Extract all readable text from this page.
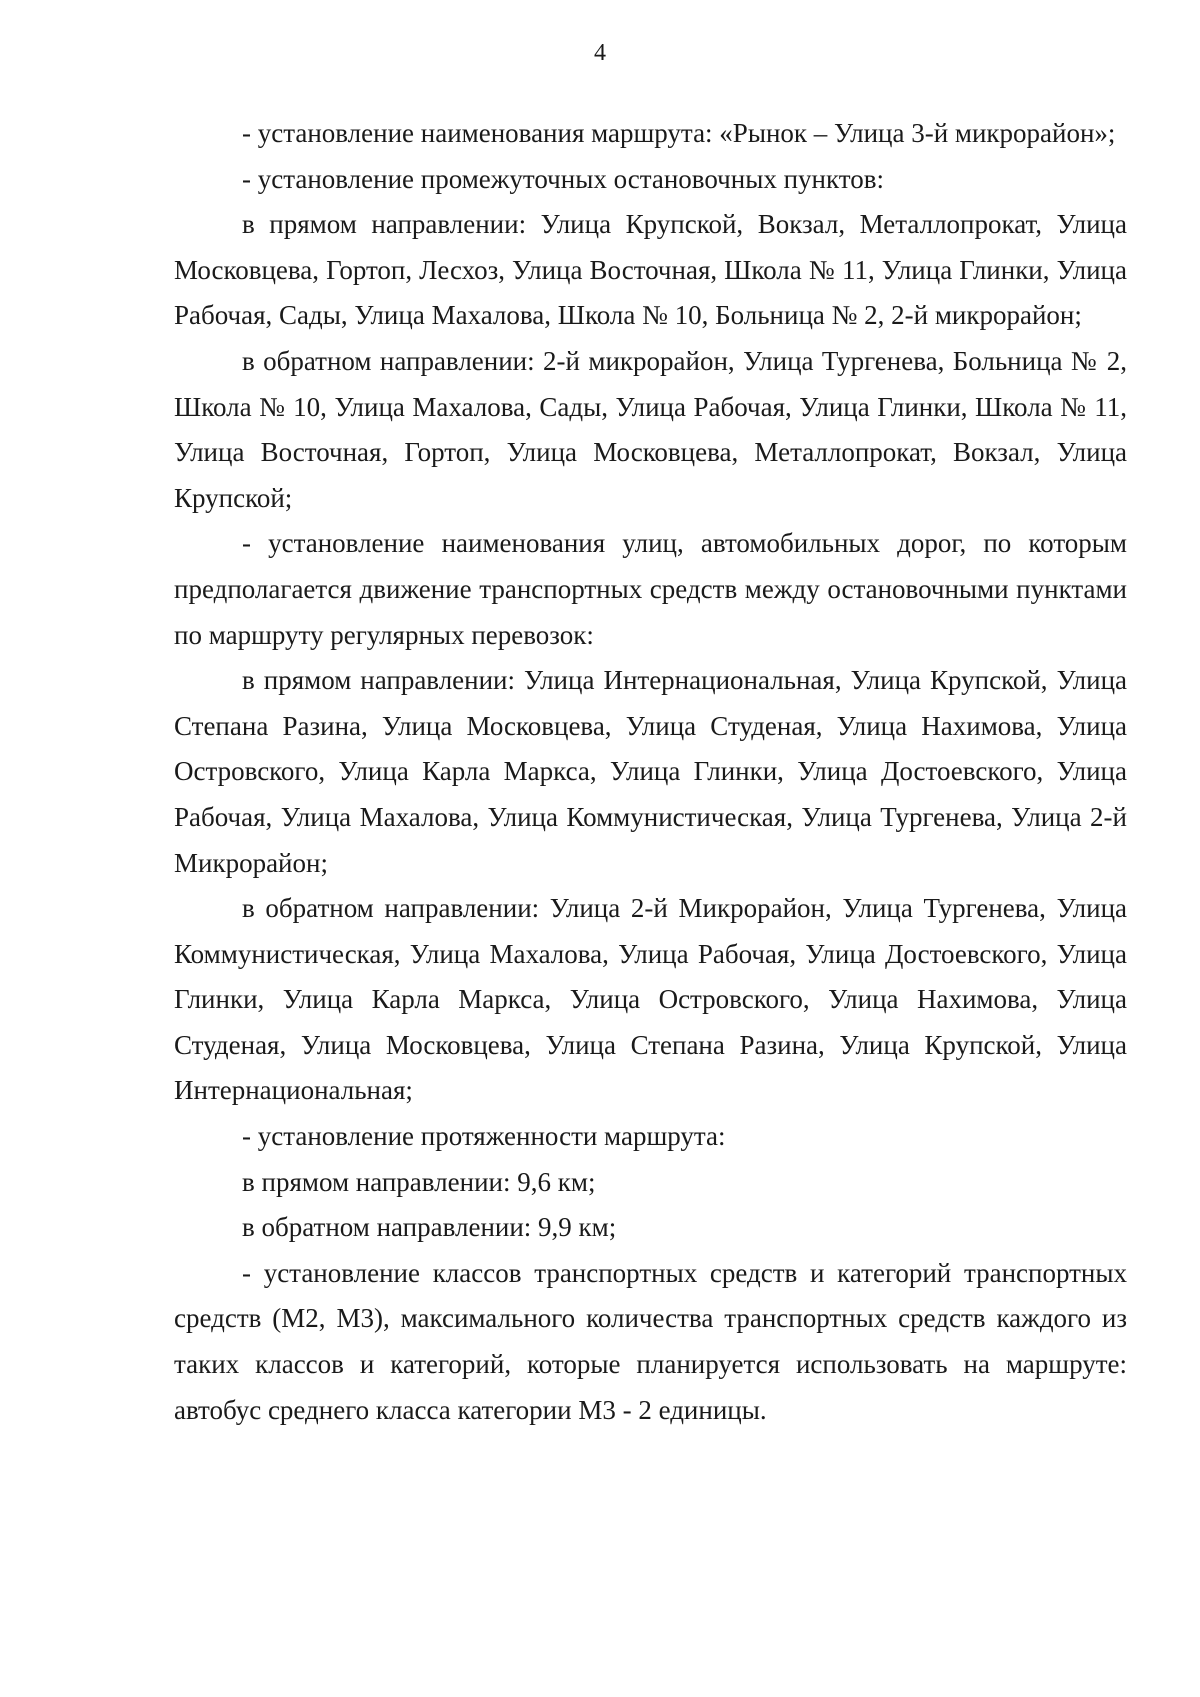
4

- установление наименования маршрута: «Рынок – Улица 3-й микрорайон»;

- установление промежуточных остановочных пунктов:

в прямом направлении: Улица Крупской, Вокзал, Металлопрокат, Улица Московцева, Гортоп, Лесхоз, Улица Восточная, Школа № 11, Улица Глинки, Улица Рабочая, Сады, Улица Махалова, Школа № 10, Больница № 2, 2-й микрорайон;

в обратном направлении: 2-й микрорайон, Улица Тургенева, Больница № 2, Школа № 10, Улица Махалова, Сады, Улица Рабочая, Улица Глинки, Школа № 11, Улица Восточная, Гортоп, Улица Московцева, Металлопрокат, Вокзал, Улица Крупской;

- установление наименования улиц, автомобильных дорог, по которым предполагается движение транспортных средств между остановочными пунктами по маршруту регулярных перевозок:

в прямом направлении: Улица Интернациональная, Улица Крупской, Улица Степана Разина, Улица Московцева, Улица Студеная, Улица Нахимова, Улица Островского, Улица Карла Маркса, Улица Глинки, Улица Достоевского, Улица Рабочая, Улица Махалова, Улица Коммунистическая, Улица Тургенева, Улица 2-й Микрорайон;

в обратном направлении: Улица 2-й Микрорайон, Улица Тургенева, Улица Коммунистическая, Улица Махалова, Улица Рабочая, Улица Достоевского, Улица Глинки, Улица Карла Маркса, Улица Островского, Улица Нахимова, Улица Студеная, Улица Московцева, Улица Степана Разина, Улица Крупской, Улица Интернациональная;

- установление протяженности маршрута:

в прямом направлении: 9,6 км;

в обратном направлении: 9,9 км;

- установление классов транспортных средств и категорий транспортных средств (М2, М3), максимального количества транспортных средств каждого из таких классов и категорий, которые планируется использовать на маршруте: автобус среднего класса категории М3 - 2 единицы.
